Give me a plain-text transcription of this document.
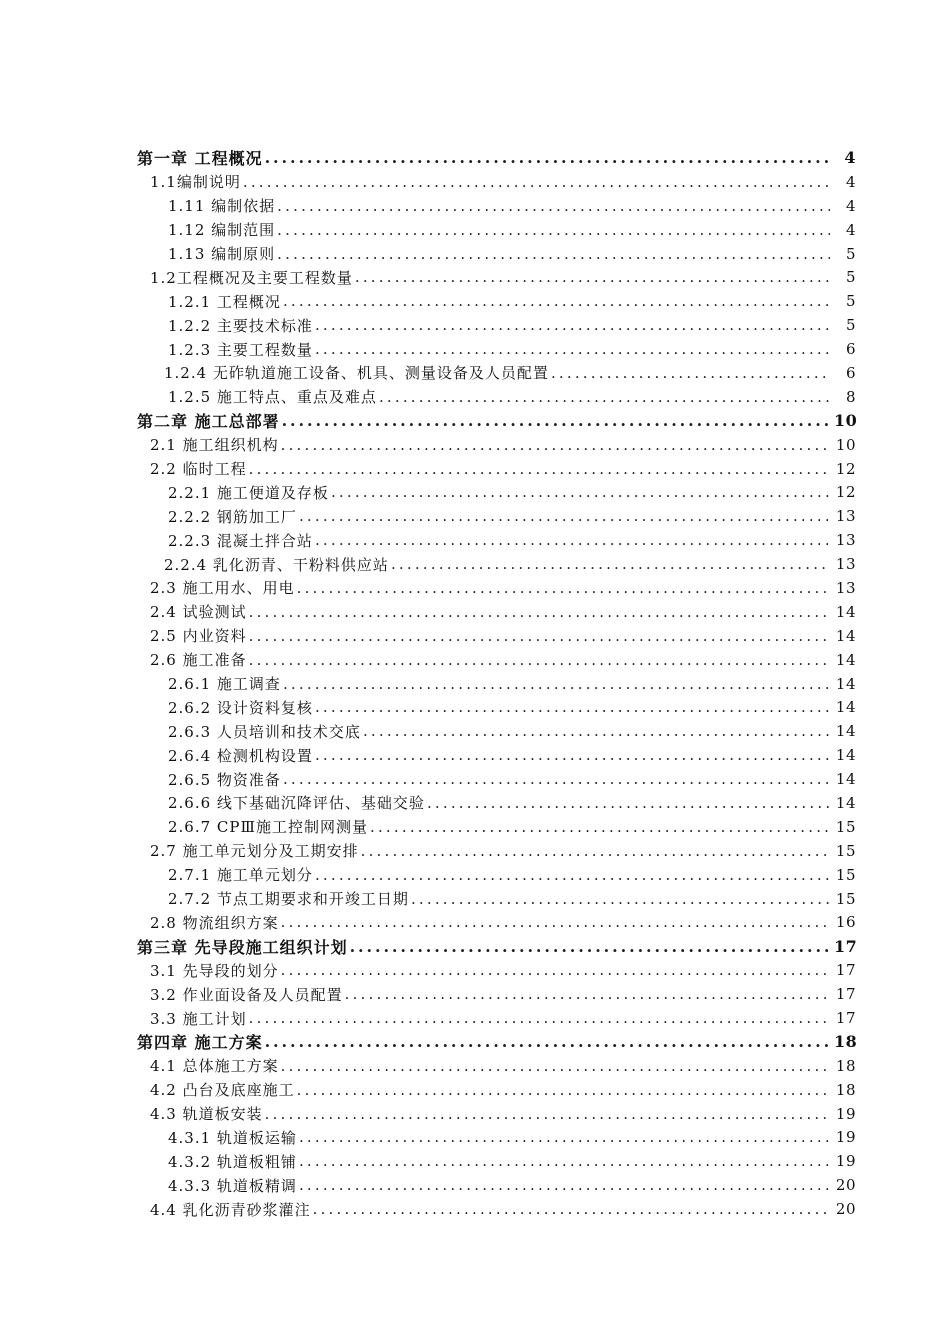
第一章 工程概况 .....	4
1.1编制说明 .....	4
1.11 编制依据 .....	4
1.12 编制范围 .....	4
1.13 编制原则 .....	5
1.2工程概况及主要工程数量 .....	5
1.2.1 工程概况 .....	5
1.2.2 主要技术标准 .....	5
1.2.3 主要工程数量 .....	6
1.2.4 无砟轨道施工设备、机具、测量设备及人员配置 .....	6
1.2.5 施工特点、重点及难点 .....	8
第二章 施工总部署 .....	10
2.1 施工组织机构 .....	10
2.2 临时工程 .....	12
2.2.1 施工便道及存板 .....	12
2.2.2 钢筋加工厂 .....	13
2.2.3 混凝土拌合站 .....	13
2.2.4 乳化沥青、干粉料供应站 .....	13
2.3 施工用水、用电 .....	13
2.4 试验测试 .....	14
2.5 内业资料 .....	14
2.6 施工准备 .....	14
2.6.1 施工调查 .....	14
2.6.2 设计资料复核 .....	14
2.6.3 人员培训和技术交底 .....	14
2.6.4 检测机构设置 .....	14
2.6.5 物资准备 .....	14
2.6.6 线下基础沉降评估、基础交验 .....	14
2.6.7 CPⅢ施工控制网测量 .....	15
2.7 施工单元划分及工期安排 .....	15
2.7.1 施工单元划分 .....	15
2.7.2 节点工期要求和开竣工日期 .....	15
2.8 物流组织方案 .....	16
第三章 先导段施工组织计划 .....	17
3.1 先导段的划分 .....	17
3.2 作业面设备及人员配置 .....	17
3.3 施工计划 .....	17
第四章 施工方案 .....	18
4.1 总体施工方案 .....	18
4.2 凸台及底座施工 .....	18
4.3 轨道板安装 .....	19
4.3.1 轨道板运输 .....	19
4.3.2 轨道板粗铺 .....	19
4.3.3 轨道板精调 .....	20
4.4 乳化沥青砂浆灌注 .....	20
